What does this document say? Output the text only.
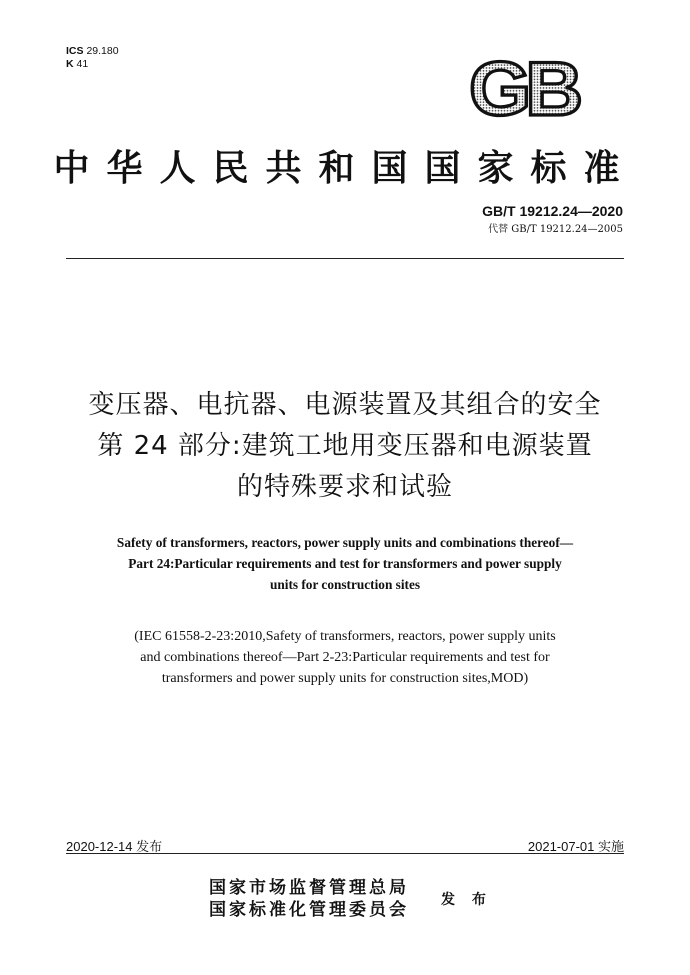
ICS 29.180
K 41	GB
中华人民共和国国家标准
GB/T 19212.24—2020
代替 GB/T 19212.24—2005
变压器、电抗器、电源装置及其组合的安全
第 24 部分:建筑工地用变压器和电源装置
的特殊要求和试验
Safety of transformers, reactors, power supply units and combinations thereof—
Part 24:Particular requirements and test for transformers and power supply
units for construction sites
(IEC 61558-2-23:2010,Safety of transformers, reactors, power supply units
and combinations thereof—Part 2-23:Particular requirements and test for
transformers and power supply units for construction sites,MOD)
2020-12-14 发布	2021-07-01 实施
国家市场监督管理总局
国家标准化管理委员会 发 布
